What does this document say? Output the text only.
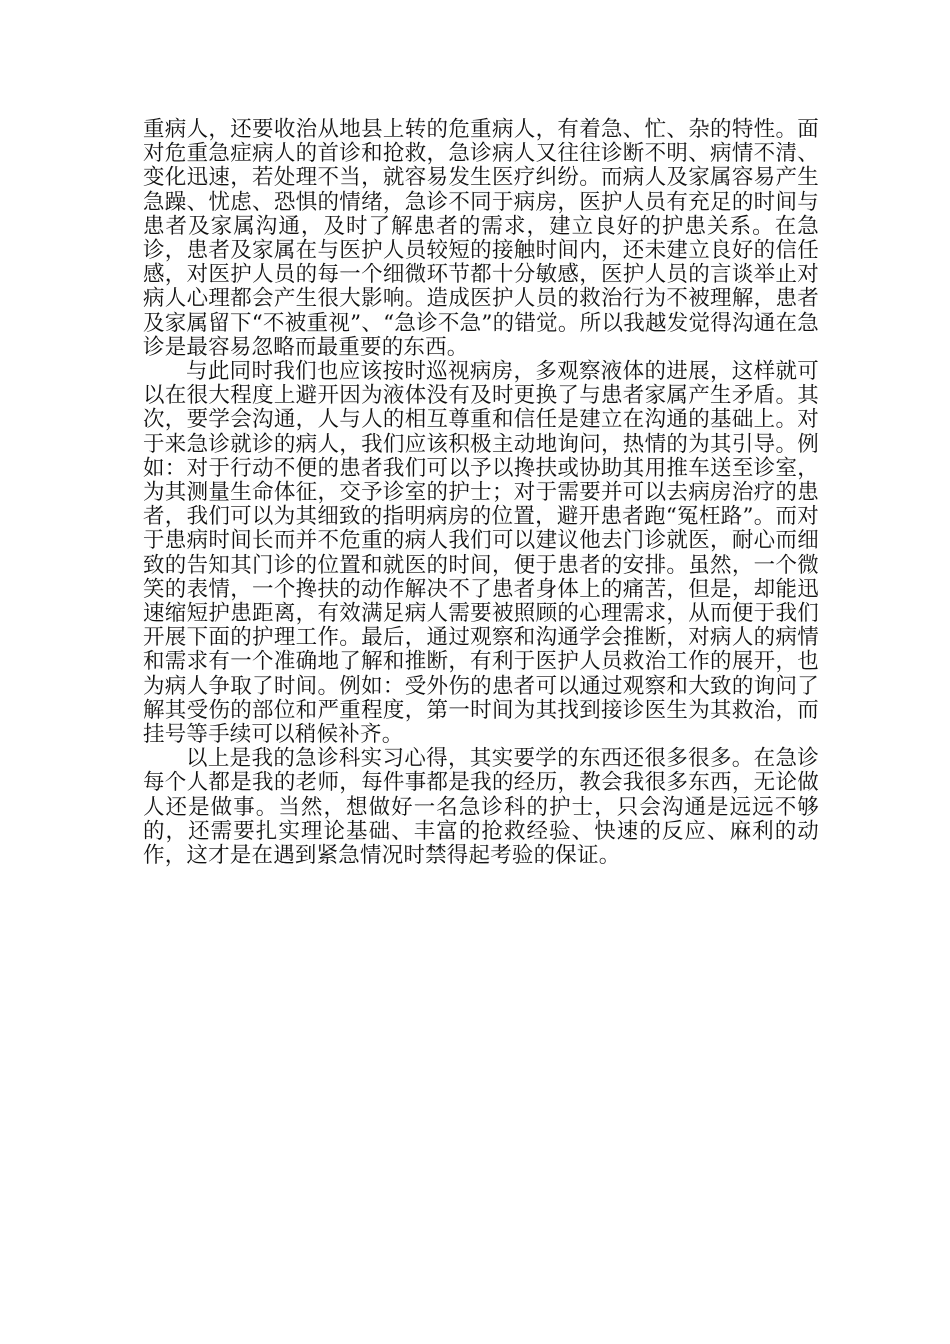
重病人，还要收治从地县上转的危重病人，有着急、忙、杂的特性。面对危重急症病人的首诊和抢救，急诊病人又往往诊断不明、病情不清、变化迅速，若处理不当，就容易发生医疗纠纷。而病人及家属容易产生急躁、忧虑、恐惧的情绪，急诊不同于病房，医护人员有充足的时间与患者及家属沟通，及时了解患者的需求，建立良好的护患关系。在急诊，患者及家属在与医护人员较短的接触时间内，还未建立良好的信任感，对医护人员的每一个细微环节都十分敏感，医护人员的言谈举止对病人心理都会产生很大影响。造成医护人员的救治行为不被理解，患者及家属留下“不被重视”、“急诊不急”的错觉。所以我越发觉得沟通在急诊是最容易忽略而最重要的东西。

与此同时我们也应该按时巡视病房，多观察液体的进展，这样就可以在很大程度上避开因为液体没有及时更换了与患者家属产生矛盾。其次，要学会沟通，人与人的相互尊重和信任是建立在沟通的基础上。对于来急诊就诊的病人，我们应该积极主动地询问，热情的为其引导。例如：对于行动不便的患者我们可以予以搀扶或协助其用推车送至诊室，为其测量生命体征，交予诊室的护士；对于需要并可以去病房治疗的患者，我们可以为其细致的指明病房的位置，避开患者跑“冤枉路”。而对于患病时间长而并不危重的病人我们可以建议他去门诊就医，耐心而细致的告知其门诊的位置和就医的时间，便于患者的安排。虽然，一个微笑的表情，一个搀扶的动作解决不了患者身体上的痛苦，但是，却能迅速缩短护患距离，有效满足病人需要被照顾的心理需求，从而便于我们开展下面的护理工作。最后，通过观察和沟通学会推断，对病人的病情和需求有一个准确地了解和推断，有利于医护人员救治工作的展开，也为病人争取了时间。例如：受外伤的患者可以通过观察和大致的询问了解其受伤的部位和严重程度，第一时间为其找到接诊医生为其救治，而挂号等手续可以稍候补齐。

以上是我的急诊科实习心得，其实要学的东西还很多很多。在急诊每个人都是我的老师，每件事都是我的经历，教会我很多东西，无论做人还是做事。当然，想做好一名急诊科的护士，只会沟通是远远不够的，还需要扎实理论基础、丰富的抢救经验、快速的反应、麻利的动作，这才是在遇到紧急情况时禁得起考验的保证。
